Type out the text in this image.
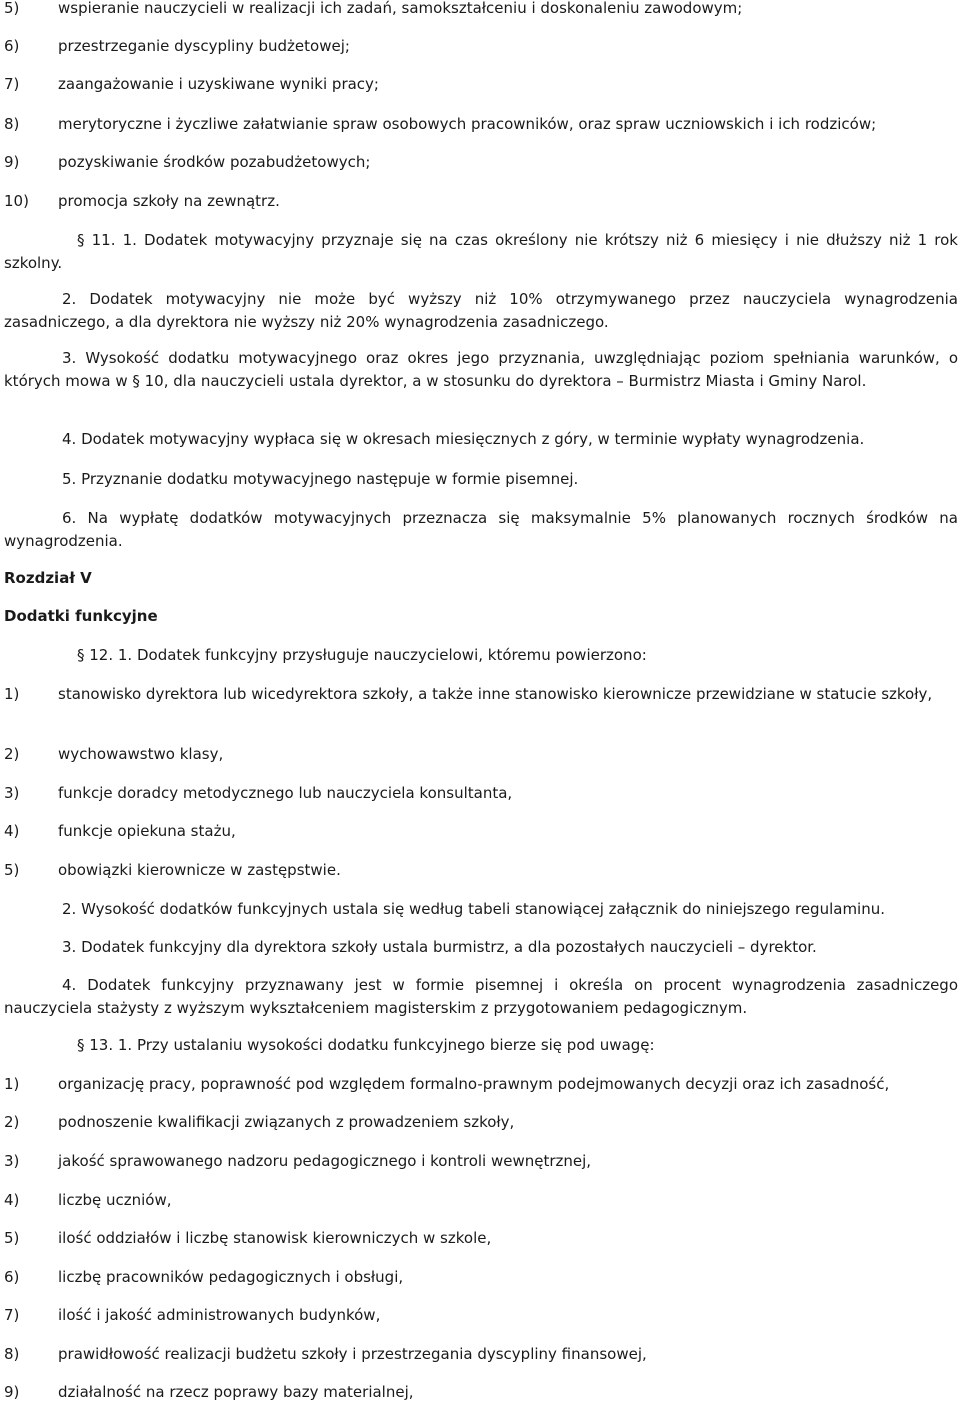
5)	wspieranie nauczycieli w realizacji ich zadań, samokształceniu i doskonaleniu zawodowym;
6)	przestrzeganie dyscypliny budżetowej;
7)	zaangażowanie i uzyskiwane wyniki pracy;
8)	merytoryczne i życzliwe załatwianie spraw osobowych pracowników, oraz spraw uczniowskich i ich rodziców;
9)	pozyskiwanie środków pozabudżetowych;
10)	promocja szkoły na zewnątrz.

§ 11. 1. Dodatek motywacyjny przyznaje się na czas określony nie krótszy niż 6 miesięcy i nie dłuższy niż 1 rok szkolny.

2. Dodatek motywacyjny nie może być wyższy niż 10% otrzymywanego przez nauczyciela wynagrodzenia zasadniczego, a dla dyrektora nie wyższy niż 20% wynagrodzenia zasadniczego.

3. Wysokość dodatku motywacyjnego oraz okres jego przyznania, uwzględniając poziom spełniania warunków, o których mowa w § 10, dla nauczycieli ustala dyrektor, a w stosunku do dyrektora – Burmistrz Miasta i Gminy Narol.

4. Dodatek motywacyjny wypłaca się w okresach miesięcznych z góry, w terminie wypłaty wynagrodzenia.

5. Przyznanie dodatku motywacyjnego następuje w formie pisemnej.

6. Na wypłatę dodatków motywacyjnych przeznacza się maksymalnie 5% planowanych rocznych środków na wynagrodzenia.

Rozdział V
Dodatki funkcyjne

§ 12. 1. Dodatek funkcyjny przysługuje nauczycielowi, któremu powierzono:

1)	stanowisko dyrektora lub wicedyrektora szkoły, a także inne stanowisko kierownicze przewidziane w statucie szkoły,
2)	wychowawstwo klasy,
3)	funkcje doradcy metodycznego lub nauczyciela konsultanta,
4)	funkcje opiekuna stażu,
5)	obowiązki kierownicze w zastępstwie.

2. Wysokość dodatków funkcyjnych ustala się według tabeli stanowiącej załącznik do niniejszego regulaminu.

3. Dodatek funkcyjny dla dyrektora szkoły ustala burmistrz, a dla pozostałych nauczycieli – dyrektor.

4. Dodatek funkcyjny przyznawany jest w formie pisemnej i określa on procent wynagrodzenia zasadniczego nauczyciela stażysty z wyższym wykształceniem magisterskim z przygotowaniem pedagogicznym.

§ 13. 1. Przy ustalaniu wysokości dodatku funkcyjnego bierze się pod uwagę:

1)	organizację pracy, poprawność pod względem formalno-prawnym podejmowanych decyzji oraz ich zasadność,
2)	podnoszenie kwalifikacji związanych z prowadzeniem szkoły,
3)	jakość sprawowanego nadzoru pedagogicznego i kontroli wewnętrznej,
4)	liczbę uczniów,
5)	ilość oddziałów i liczbę stanowisk kierowniczych w szkole,
6)	liczbę pracowników pedagogicznych i obsługi,
7)	ilość i jakość administrowanych budynków,
8)	prawidłowość realizacji budżetu szkoły i przestrzegania dyscypliny finansowej,
9)	działalność na rzecz poprawy bazy materialnej,
